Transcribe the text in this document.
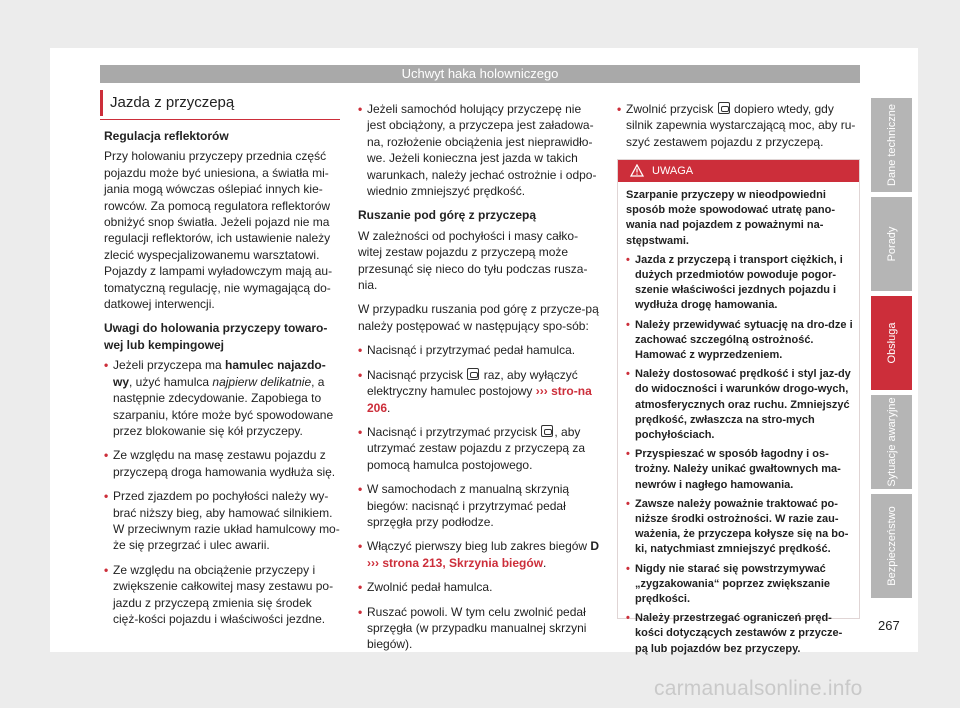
Uchwyt haka holowniczego
Jazda z przyczepą
Regulacja reflektorów

Przy holowaniu przyczepy przednia część pojazdu może być uniesiona, a światła mi-jania mogą wówczas oślepiać innych kie-rowców. Za pomocą regulatora reflektorów obniżyć snop światła. Jeżeli pojazd nie ma regulacji reflektorów, ich ustawienie należy zlecić wyspecjalizowanemu warsztatowi. Pojazdy z lampami wyładowczym mają au-tomatyczną regulację, nie wymagającą do-datkowej interwencji.

Uwagi do holowania przyczepy towaro-wej lub kempingowej

• Jeżeli przyczepa ma hamulec najazdo-wy, użyć hamulca najpierw delikatnie, a następnie zdecydowanie. Zapobiega to szarpaniu, które może być spowodowane przez blokowanie się kół przyczepy.

• Ze względu na masę zestawu pojazdu z przyczepą droga hamowania wydłuża się.

• Przed zjazdem po pochyłości należy wy-brać niższy bieg, aby hamować silnikiem. W przeciwnym razie układ hamulcowy mo-że się przegrzać i ulec awarii.

• Ze względu na obciążenie przyczepy i zwiększenie całkowitej masy zestawu po-jazdu z przyczepą zmienia się środek cięż-kości pojazdu i właściwości jezdne.

• Jeżeli samochód holujący przyczepę nie jest obciążony, a przyczepa jest załadowa-na, rozłożenie obciążenia jest nieprawidło-we. Jeżeli konieczna jest jazda w takich warunkach, należy jechać ostrożnie i odpo-wiednio zmniejszyć prędkość.

Ruszanie pod górę z przyczepą

W zależności od pochyłości i masy całko-witej zestaw pojazdu z przyczepą może przesunąć się nieco do tyłu podczas rusza-nia.

W przypadku ruszania pod górę z przycze-pą należy postępować w następujący spo-sób:

• Nacisnąć i przytrzymać pedał hamulca.

• Nacisnąć przycisk  raz, aby wyłączyć elektryczny hamulec postojowy ››› stro-na 206.

• Nacisnąć i przytrzymać przycisk , aby utrzymać zestaw pojazdu z przyczepą za pomocą hamulca postojowego.

• W samochodach z manualną skrzynią biegów: nacisnąć i przytrzymać pedał sprzęgła przy podłodze.

• Włączyć pierwszy bieg lub zakres biegów D ››› strona 213, Skrzynia biegów.

• Zwolnić pedał hamulca.

• Ruszać powoli. W tym celu zwolnić pedał sprzęgła (w przypadku manualnej skrzyni biegów).

• Zwolnić przycisk  dopiero wtedy, gdy silnik zapewnia wystarczającą moc, aby ru-szyć zestawem pojazdu z przyczepą.

UWAGA

Szarpanie przyczepy w nieodpowiedni sposób może spowodować utratę pano-wania nad pojazdem z poważnymi na-stępstwami.

• Jazda z przyczepą i transport ciężkich, i dużych przedmiotów powoduje pogor-szenie właściwości jezdnych pojazdu i wydłuża drogę hamowania.

• Należy przewidywać sytuację na dro-dze i zachować szczególną ostrożność. Hamować z wyprzedzeniem.

• Należy dostosować prędkość i styl jaz-dy do widoczności i warunków drogo-wych, atmosferycznych oraz ruchu. Zmniejszyć prędkość, zwłaszcza na stro-mych pochyłościach.

• Przyspieszać w sposób łagodny i os-trożny. Należy unikać gwałtownych ma-newrów i nagłego hamowania.

• Zawsze należy poważnie traktować po-niższe środki ostrożności. W razie zau-ważenia, że przyczepa kołysze się na bo-ki, natychmiast zmniejszyć prędkość.

• Nigdy nie starać się powstrzymywać „zygzakowania“ poprzez zwiększanie prędkości.

• Należy przestrzegać ograniczeń pręd-kości dotyczących zestawów z przycze-pą lub pojazdów bez przyczepy.

Dane techniczne
Porady
Obsługa
Sytuacje awaryjne
Bezpieczeństwo
267
carmanualsonline.info
